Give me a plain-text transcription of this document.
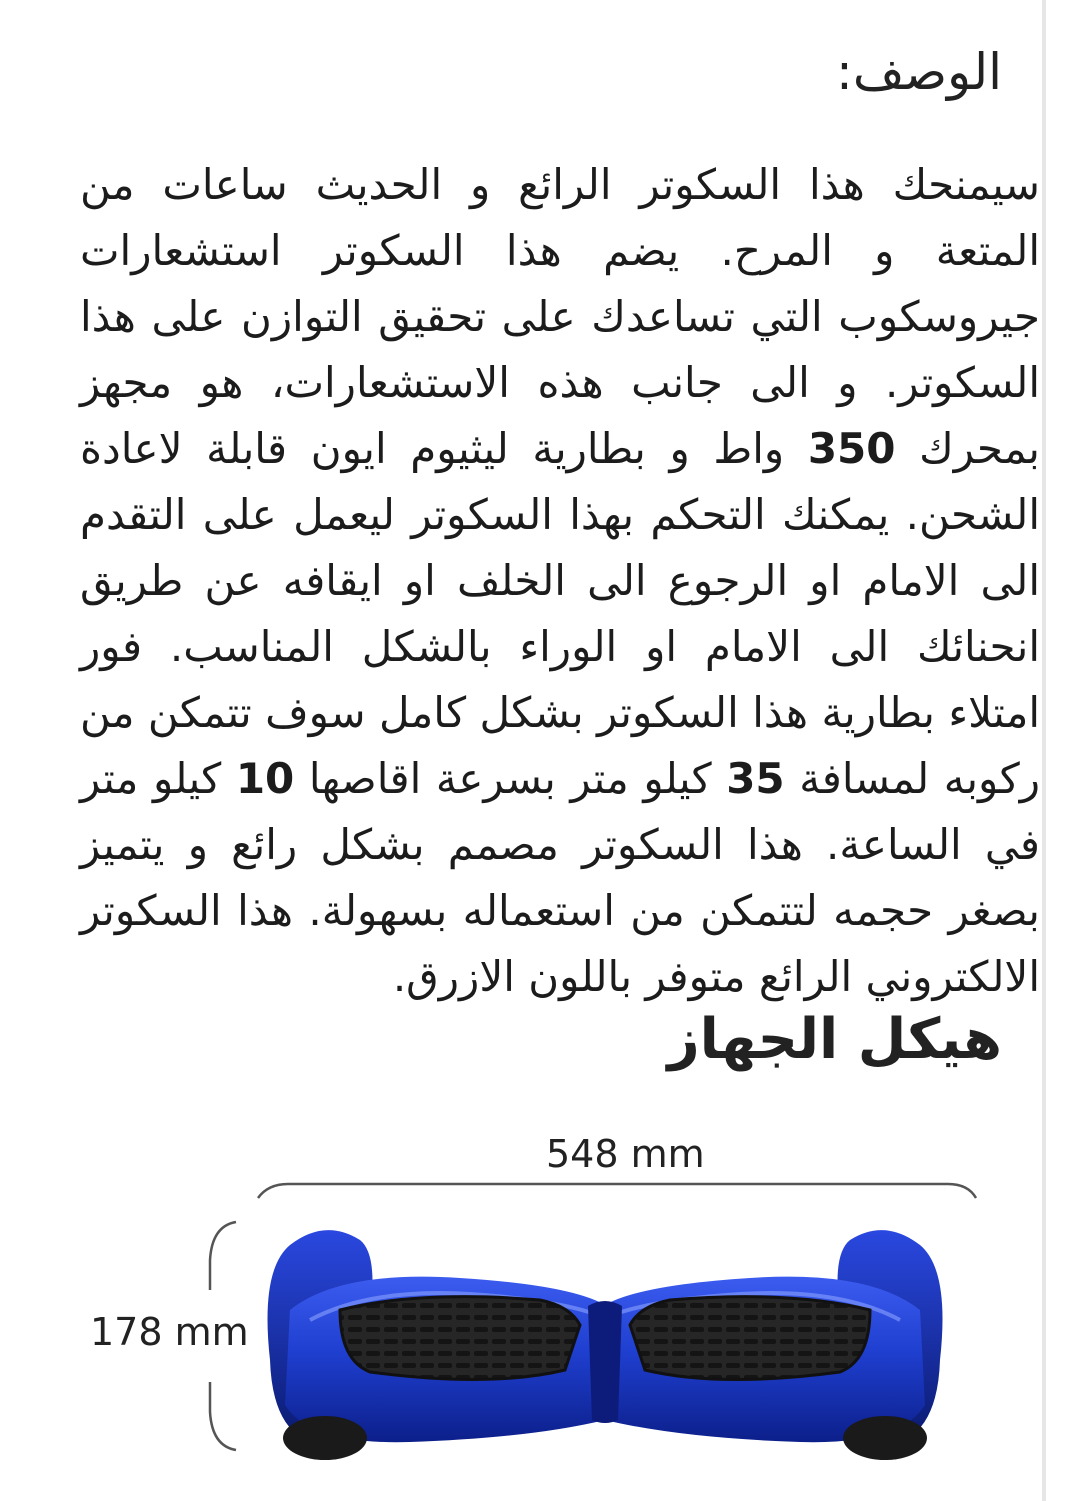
الوصف:

سيمنحك هذا السكوتر الرائع و الحديث ساعات من المتعة و المرح. يضم هذا السكوتر استشعارات جيروسكوب التي تساعدك على تحقيق التوازن على هذا السكوتر. و الى جانب هذه الاستشعارات، هو مجهز بمحرك 350 واط و بطارية ليثيوم ايون قابلة لاعادة الشحن. يمكنك التحكم بهذا السكوتر ليعمل على التقدم الى الامام او الرجوع الى الخلف او ايقافه عن طريق انحنائك الى الامام او الوراء بالشكل المناسب. فور امتلاء بطارية هذا السكوتر بشكل كامل سوف تتمكن من ركوبه لمسافة 35 كيلو متر بسرعة اقاصها 10 كيلو متر في الساعة. هذا السكوتر مصمم بشكل رائع و يتميز بصغر حجمه لتتمكن من استعماله بسهولة. هذا السكوتر الالكتروني الرائع متوفر باللون الازرق.

هيكل الجهاز
548 mm
178 mm
